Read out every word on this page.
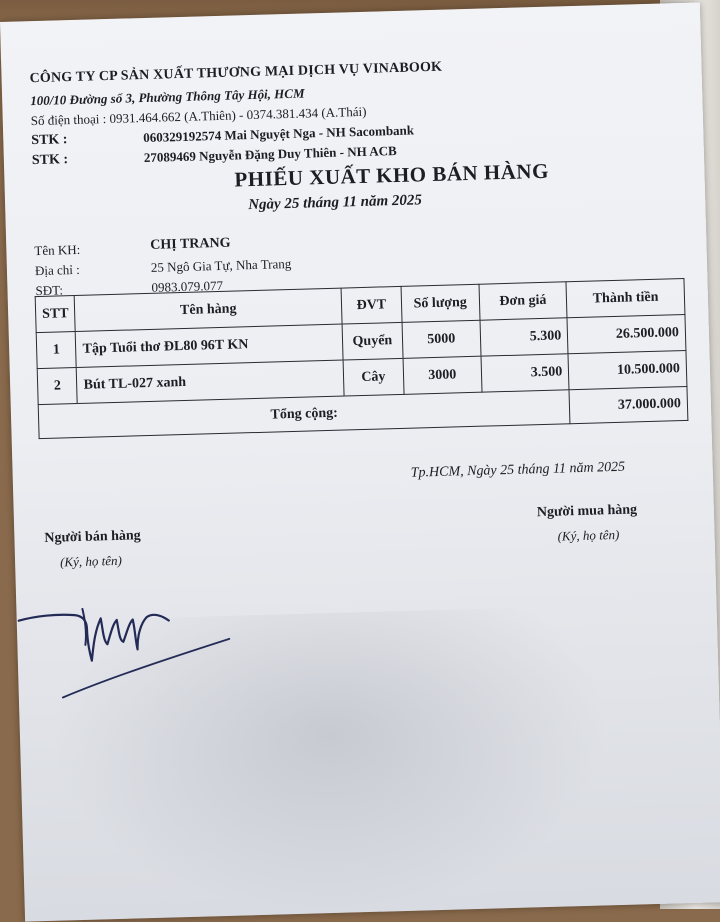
CÔNG TY CP SẢN XUẤT THƯƠNG MẠI DỊCH VỤ VINABOOK
100/10 Đường số 3, Phường Thông Tây Hội, HCM
Số điện thoại : 0931.464.662 (A.Thiên) - 0374.381.434 (A.Thái)
STK :	060329192574 Mai Nguyệt Nga - NH Sacombank
STK :	27089469 Nguyễn Đặng Duy Thiên - NH ACB
PHIẾU XUẤT KHO BÁN HÀNG
Ngày 25 tháng 11 năm 2025
Tên KH:	CHỊ TRANG
Địa chỉ :	25 Ngô Gia Tự, Nha Trang
SĐT:	0983.079.077
STT	Tên hàng	ĐVT	Số lượng	Đơn giá	Thành tiền
1	Tập Tuổi thơ ĐL80 96T KN	Quyển	5000	5.300	26.500.000
2	Bút TL-027 xanh	Cây	3000	3.500	10.500.000
Tổng cộng:					37.000.000
Tp.HCM, Ngày 25 tháng 11 năm 2025
Người mua hàng
(Ký, họ tên)
Người bán hàng
(Ký, họ tên)
